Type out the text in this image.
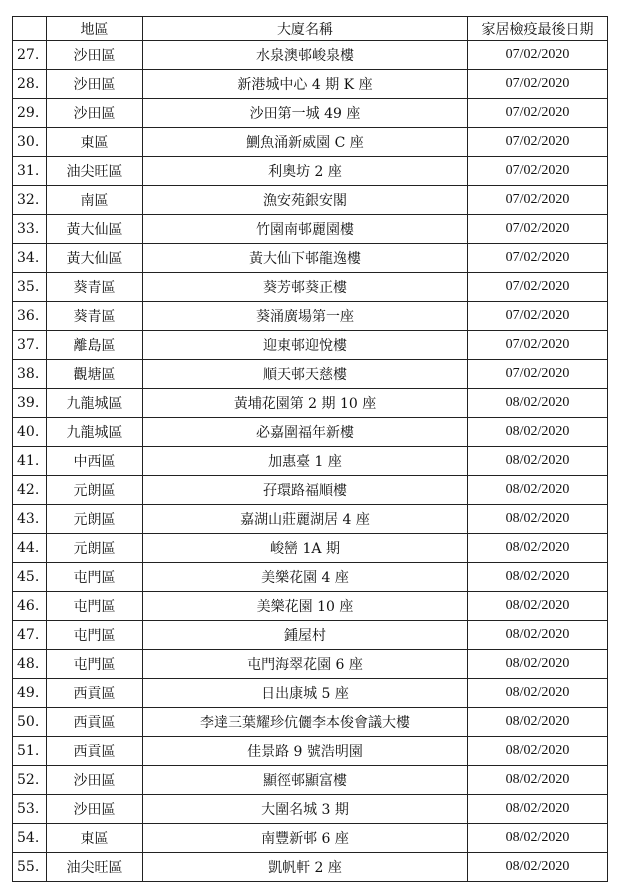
	地區	大廈名稱	家居檢疫最後日期
27.	沙田區	水泉澳邨峻泉樓	07/02/2020
28.	沙田區	新港城中心 4 期 K 座	07/02/2020
29.	沙田區	沙田第一城 49 座	07/02/2020
30.	東區	鰂魚涌新威園 C 座	07/02/2020
31.	油尖旺區	利奧坊 2 座	07/02/2020
32.	南區	漁安苑銀安閣	07/02/2020
33.	黃大仙區	竹園南邨麗園樓	07/02/2020
34.	黃大仙區	黃大仙下邨龍逸樓	07/02/2020
35.	葵青區	葵芳邨葵正樓	07/02/2020
36.	葵青區	葵涌廣場第一座	07/02/2020
37.	離島區	迎東邨迎悅樓	07/02/2020
38.	觀塘區	順天邨天慈樓	07/02/2020
39.	九龍城區	黃埔花園第 2 期 10 座	08/02/2020
40.	九龍城區	必嘉圍福年新樓	08/02/2020
41.	中西區	加惠臺 1 座	08/02/2020
42.	元朗區	孖環路福順樓	08/02/2020
43.	元朗區	嘉湖山莊麗湖居 4 座	08/02/2020
44.	元朗區	峻巒 1A 期	08/02/2020
45.	屯門區	美樂花園 4 座	08/02/2020
46.	屯門區	美樂花園 10 座	08/02/2020
47.	屯門區	鍾屋村	08/02/2020
48.	屯門區	屯門海翠花園 6 座	08/02/2020
49.	西貢區	日出康城 5 座	08/02/2020
50.	西貢區	李達三葉耀珍伉儷李本俊會議大樓	08/02/2020
51.	西貢區	佳景路 9 號浩明園	08/02/2020
52.	沙田區	顯徑邨顯富樓	08/02/2020
53.	沙田區	大圍名城 3 期	08/02/2020
54.	東區	南豐新邨 6 座	08/02/2020
55.	油尖旺區	凱帆軒 2 座	08/02/2020
